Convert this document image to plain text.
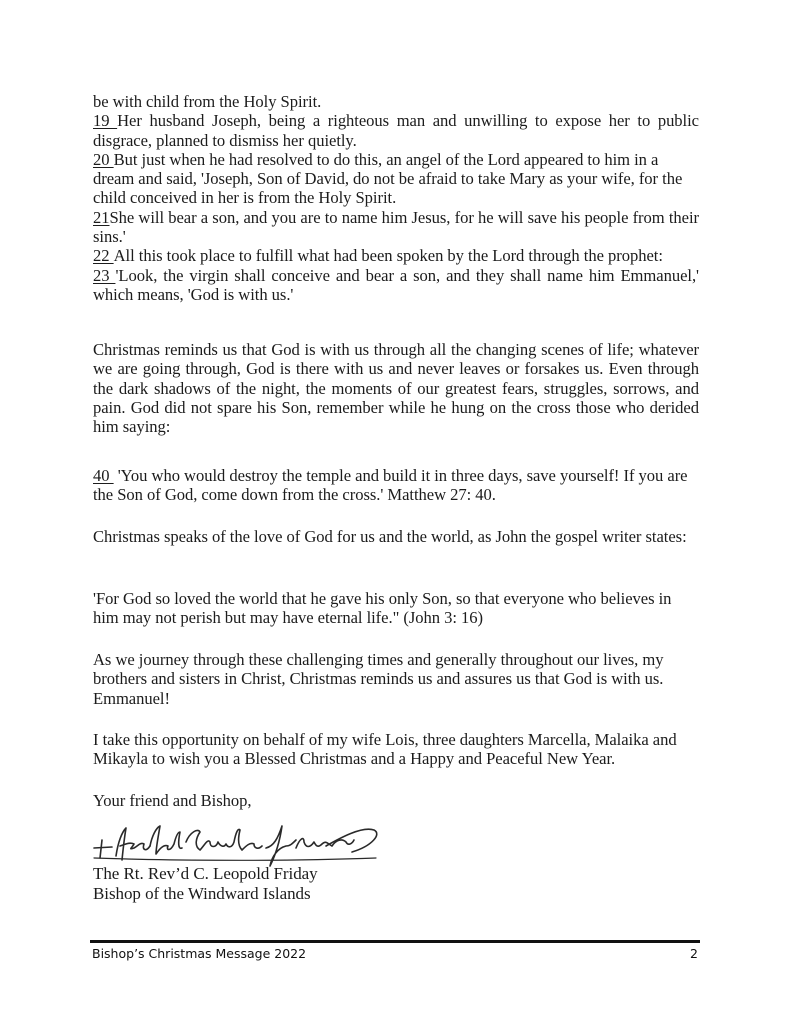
be with child from the Holy Spirit.

19 Her husband Joseph, being a righteous man and unwilling to expose her to public disgrace, planned to dismiss her quietly.

20 But just when he had resolved to do this, an angel of the Lord appeared to him in a dream and said, 'Joseph, Son of David, do not be afraid to take Mary as your wife, for the child conceived in her is from the Holy Spirit.

21She will bear a son, and you are to name him Jesus, for he will save his people from their sins.'

22 All this took place to fulfill what had been spoken by the Lord through the prophet:

23 'Look, the virgin shall conceive and bear a son, and they shall name him Emmanuel,' which means, 'God is with us.'

Christmas reminds us that God is with us through all the changing scenes of life; whatever we are going through, God is there with us and never leaves or forsakes us. Even through the dark shadows of the night, the moments of our greatest fears, struggles, sorrows, and pain. God did not spare his Son, remember while he hung on the cross those who derided him saying:
40 'You who would destroy the temple and build it in three days, save yourself! If you are the Son of God, come down from the cross.' Matthew 27: 40.
Christmas speaks of the love of God for us and the world, as John the gospel writer states:
'For God so loved the world that he gave his only Son, so that everyone who believes in him may not perish but may have eternal life." (John 3: 16)
As we journey through these challenging times and generally throughout our lives, my brothers and sisters in Christ, Christmas reminds us and assures us that God is with us. Emmanuel!
I take this opportunity on behalf of my wife Lois, three daughters Marcella, Malaika and Mikayla to wish you a Blessed Christmas and a Happy and Peaceful New Year.
Your friend and Bishop,
The Rt. Rev’d C. Leopold Friday
Bishop of the Windward Islands
Bishop’s Christmas Message 2022	2
